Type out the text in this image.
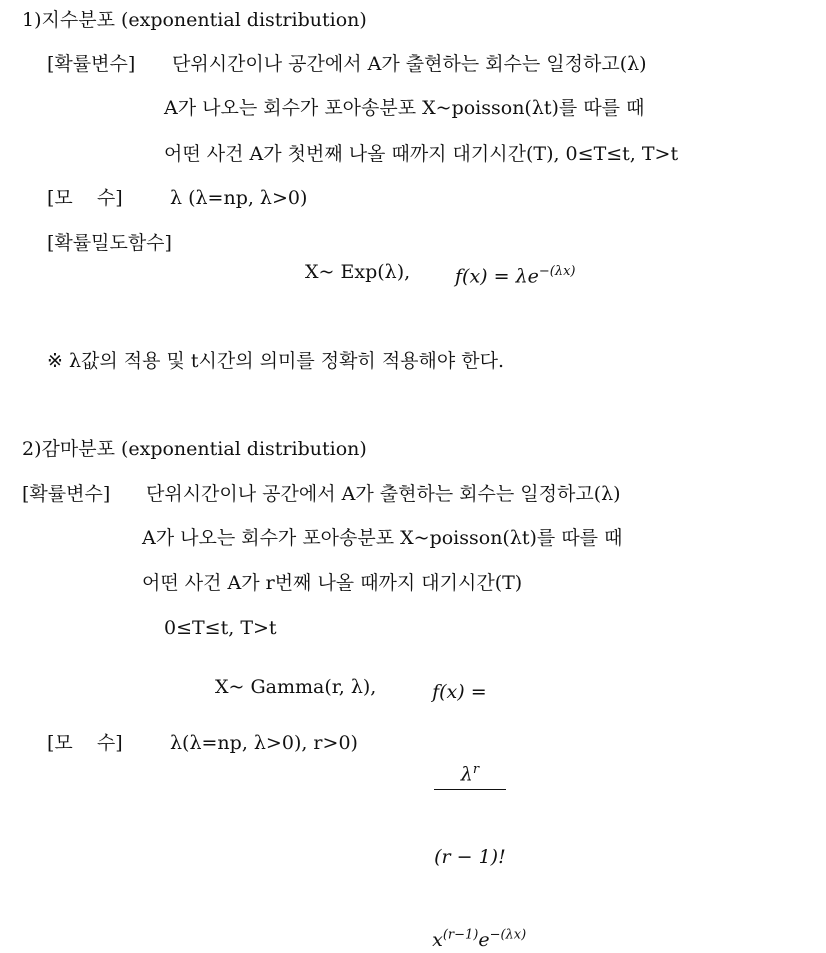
1)지수분포 (exponential distribution)
[확률변수] 단위시간이나 공간에서 A가 출현하는 회수는 일정하고(λ)
A가 나오는 회수가 포아송분포 X~poisson(λt)를 따를 때
어떤 사건 A가 첫번째 나올 때까지 대기시간(T), 0≤T≤t, T>t
[모    수] λ (λ=np, λ>0)
[확률밀도함수]
X~ Exp(λ), $f(x) = \lambda e^{-(\lambda x)}$
※ λ값의 적용 및 t시간의 의미를 정확히 적용해야 한다.
2)감마분포 (exponential distribution)
[확률변수] 단위시간이나 공간에서 A가 출현하는 회수는 일정하고(λ)
A가 나오는 회수가 포아송분포 X~poisson(λt)를 따를 때
어떤 사건 A가 r번째 나올 때까지 대기시간(T)
0≤T≤t, T>t
X~ Gamma(r, λ),	f(x) =

$\frac{\lambda^r}{(r - 1)!}$

$x^{(r-1)}e^{-(\lambda x)}$

[모    수] λ(λ=np, λ>0), r>0)
